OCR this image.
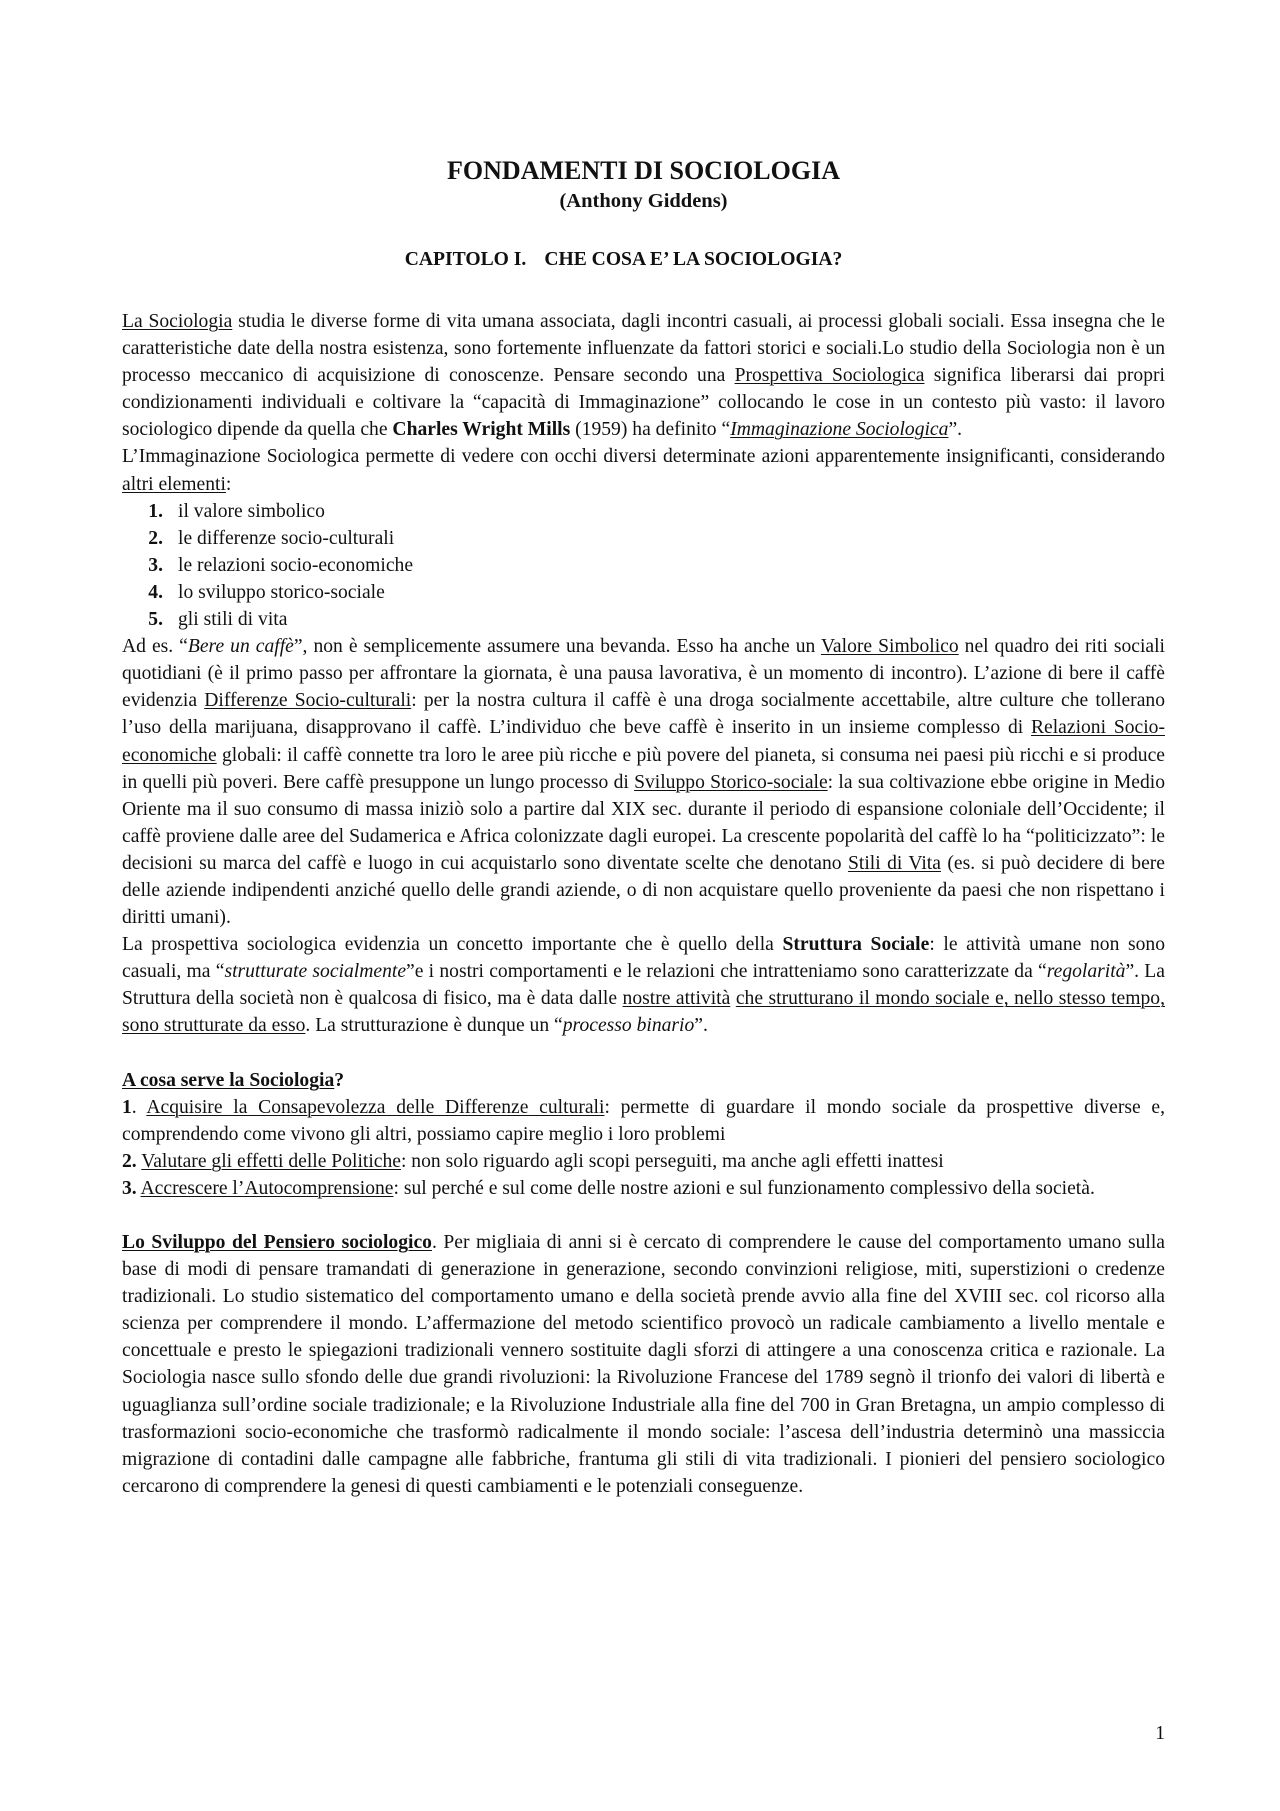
FONDAMENTI DI SOCIOLOGIA
(Anthony Giddens)
CAPITOLO I. CHE COSA E’ LA SOCIOLOGIA?

La Sociologia studia le diverse forme di vita umana associata, dagli incontri casuali, ai processi globali sociali. Essa insegna che le caratteristiche date della nostra esistenza, sono fortemente influenzate da fattori storici e sociali.Lo studio della Sociologia non è un processo meccanico di acquisizione di conoscenze. Pensare secondo una Prospettiva Sociologica significa liberarsi dai propri condizionamenti individuali e coltivare la “capacità di Immaginazione” collocando le cose in un contesto più vasto: il lavoro sociologico dipende da quella che Charles Wright Mills (1959) ha definito “Immaginazione Sociologica”.

L’Immaginazione Sociologica permette di vedere con occhi diversi determinate azioni apparentemente insignificanti, considerando altri elementi:

1. il valore simbolico
2. le differenze socio-culturali
3. le relazioni socio-economiche
4. lo sviluppo storico-sociale
5. gli stili di vita

Ad es. “Bere un caffè”, non è semplicemente assumere una bevanda. Esso ha anche un Valore Simbolico nel quadro dei riti sociali quotidiani (è il primo passo per affrontare la giornata, è una pausa lavorativa, è un momento di incontro). L’azione di bere il caffè evidenzia Differenze Socio-culturali: per la nostra cultura il caffè è una droga socialmente accettabile, altre culture che tollerano l’uso della marijuana, disapprovano il caffè. L’individuo che beve caffè è inserito in un insieme complesso di Relazioni Socio-economiche globali: il caffè connette tra loro le aree più ricche e più povere del pianeta, si consuma nei paesi più ricchi e si produce in quelli più poveri. Bere caffè presuppone un lungo processo di Sviluppo Storico-sociale: la sua coltivazione ebbe origine in Medio Oriente ma il suo consumo di massa iniziò solo a partire dal XIX sec. durante il periodo di espansione coloniale dell’Occidente; il caffè proviene dalle aree del Sudamerica e Africa colonizzate dagli europei. La crescente popolarità del caffè lo ha “politicizzato”: le decisioni su marca del caffè e luogo in cui acquistarlo sono diventate scelte che denotano Stili di Vita (es. si può decidere di bere delle aziende indipendenti anziché quello delle grandi aziende, o di non acquistare quello proveniente da paesi che non rispettano i diritti umani).

La prospettiva sociologica evidenzia un concetto importante che è quello della Struttura Sociale: le attività umane non sono casuali, ma “strutturate socialmente”e i nostri comportamenti e le relazioni che intratteniamo sono caratterizzate da “regolarità”. La Struttura della società non è qualcosa di fisico, ma è data dalle nostre attività che strutturano il mondo sociale e, nello stesso tempo, sono strutturate da esso. La strutturazione è dunque un “processo binario”.

A cosa serve la Sociologia?

1. Acquisire la Consapevolezza delle Differenze culturali: permette di guardare il mondo sociale da prospettive diverse e, comprendendo come vivono gli altri, possiamo capire meglio i loro problemi

2. Valutare gli effetti delle Politiche: non solo riguardo agli scopi perseguiti, ma anche agli effetti inattesi

3. Accrescere l’Autocomprensione: sul perché e sul come delle nostre azioni e sul funzionamento complessivo della società.

Lo Sviluppo del Pensiero sociologico. Per migliaia di anni si è cercato di comprendere le cause del comportamento umano sulla base di modi di pensare tramandati di generazione in generazione, secondo convinzioni religiose, miti, superstizioni o credenze tradizionali. Lo studio sistematico del comportamento umano e della società prende avvio alla fine del XVIII sec. col ricorso alla scienza per comprendere il mondo. L’affermazione del metodo scientifico provocò un radicale cambiamento a livello mentale e concettuale e presto le spiegazioni tradizionali vennero sostituite dagli sforzi di attingere a una conoscenza critica e razionale. La Sociologia nasce sullo sfondo delle due grandi rivoluzioni: la Rivoluzione Francese del 1789 segnò il trionfo dei valori di libertà e uguaglianza sull’ordine sociale tradizionale; e la Rivoluzione Industriale alla fine del 700 in Gran Bretagna, un ampio complesso di trasformazioni socio-economiche che trasformò radicalmente il mondo sociale: l’ascesa dell’industria determinò una massiccia migrazione di contadini dalle campagne alle fabbriche, frantuma gli stili di vita tradizionali. I pionieri del pensiero sociologico cercarono di comprendere la genesi di questi cambiamenti e le potenziali conseguenze.

1
